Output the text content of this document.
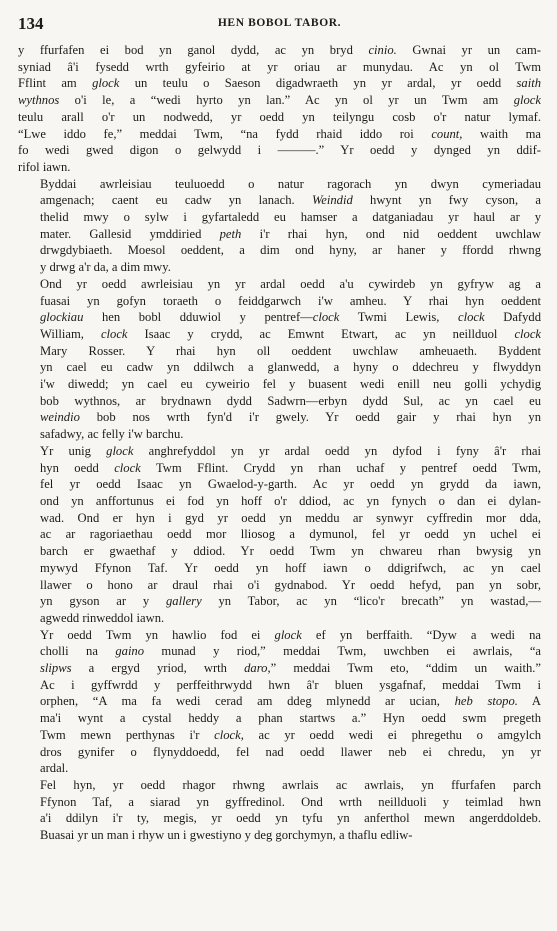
134	HEN BOBOL TABOR.

y ffurfafen ei bod yn ganol dydd, ac yn bryd cinio. Gwnai yr un cam-
syniad â'i fysedd wrth gyfeirio at yr oriau ar munydau. Ac yn ol Twm
Fflint am glock un teulu o Saeson digadwraeth yn yr ardal, yr oedd saith
wythnos o'i le, a “wedi hyrto yn lan.” Ac yn ol yr un Twm am glock
teulu arall o'r un nodwedd, yr oedd yn teilyngu cosb o'r natur lymaf.
“Lwe iddo fe,” meddai Twm, “na fydd rhaid iddo roi count, waith ma
fo wedi gwed digon o gelwydd i ———.” Yr oedd y dynged yn ddif-
rifol iawn.

Byddai awrleisiau teuluoedd o natur ragorach yn dwyn cymeriadau
amgenach; caent eu cadw yn lanach. Weindid hwynt yn fwy cyson, a
thelid mwy o sylw i gyfartaledd eu hamser a datganiadau yr haul ar y
mater. Gallesid ymddiried peth i'r rhai hyn, ond nid oeddent uwchlaw
drwgdybiaeth. Moesol oeddent, a dim ond hyny, ar haner y ffordd rhwng
y drwg a'r da, a dim mwy.

Ond yr oedd awrleisiau yn yr ardal oedd a'u cywirdeb yn gyfryw ag a
fuasai yn gofyn toraeth o feiddgarwch i'w amheu. Y rhai hyn oeddent
glockiau hen bobl dduwiol y pentref—clock Twmi Lewis, clock Dafydd
William, clock Isaac y crydd, ac Emwnt Etwart, ac yn neillduol clock
Mary Rosser. Y rhai hyn oll oeddent uwchlaw amheuaeth. Byddent
yn cael eu cadw yn ddilwch a glanwedd, a hyny o ddechreu y flwyddyn
i'w diwedd; yn cael eu cyweirio fel y buasent wedi enill neu golli ychydig
bob wythnos, ar brydnawn dydd Sadwrn—erbyn dydd Sul, ac yn cael eu
weindio bob nos wrth fyn'd i'r gwely. Yr oedd gair y rhai hyn yn
safadwy, ac felly i'w barchu.

Yr unig glock anghrefyddol yn yr ardal oedd yn dyfod i fyny â'r rhai
hyn oedd clock Twm Fflint. Crydd yn rhan uchaf y pentref oedd Twm,
fel yr oedd Isaac yn Gwaelod-y-garth. Ac yr oedd yn grydd da iawn,
ond yn anffortunus ei fod yn hoff o'r ddiod, ac yn fynych o dan ei dylan-
wad. Ond er hyn i gyd yr oedd yn meddu ar synwyr cyffredin mor dda,
ac ar ragoriaethau oedd mor lliosog a dymunol, fel yr oedd yn uchel ei
barch er gwaethaf y ddiod. Yr oedd Twm yn chwareu rhan bwysig yn
mywyd Ffynon Taf. Yr oedd yn hoff iawn o ddigrifwch, ac yn cael
llawer o hono ar draul rhai o'i gydnabod. Yr oedd hefyd, pan yn sobr,
yn gyson ar y gallery yn Tabor, ac yn “lico'r brecath” yn wastad,—
agwedd rinweddol iawn.

Yr oedd Twm yn hawlio fod ei glock ef yn berffaith. “Dyw a wedi na
cholli na gaino munad y riod,” meddai Twm, uwchben ei awrlais, “a
slipws a ergyd yriod, wrth daro,” meddai Twm eto, “ddim un waith.”
Ac i gyffwrdd y perffeithrwydd hwn â'r bluen ysgafnaf, meddai Twm i
orphen, “A ma fa wedi cerad am ddeg mlynedd ar ucian, heb stopo. A
ma'i wynt a cystal heddy a phan startws a.” Hyn oedd swm pregeth
Twm mewn perthynas i'r clock, ac yr oedd wedi ei phregethu o amgylch
dros gynifer o flynyddoedd, fel nad oedd llawer neb ei chredu, yn yr
ardal.

Fel hyn, yr oedd rhagor rhwng awrlais ac awrlais, yn ffurfafen parch
Ffynon Taf, a siarad yn gyffredinol. Ond wrth neillduoli y teimlad hwn
a'i ddilyn i'r ty, megis, yr oedd yn tyfu yn anferthol mewn angerddoldeb.
Buasai yr un man i rhyw un i gwestiyno y deg gorchymyn, a thaflu edliw-
